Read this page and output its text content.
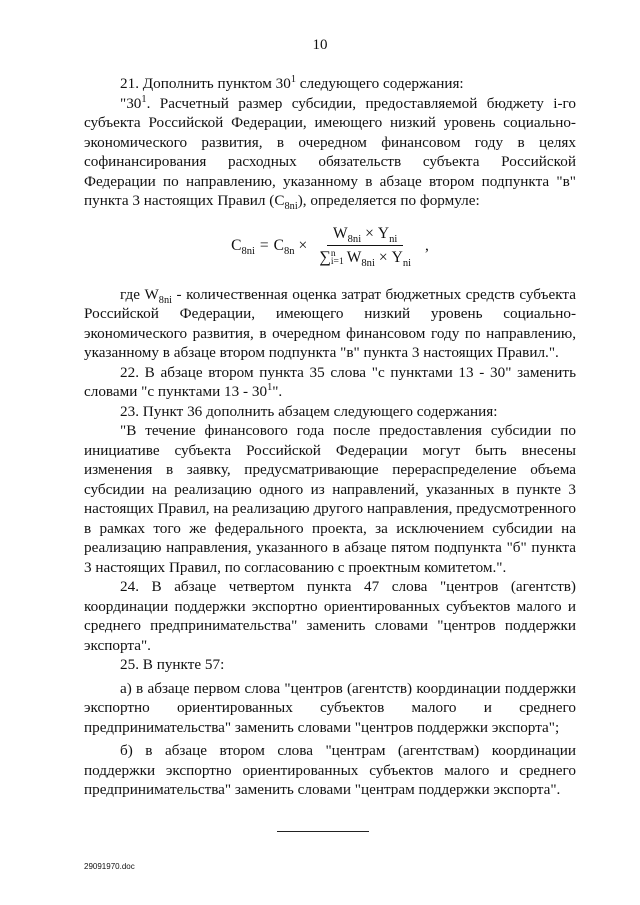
10

21. Дополнить пунктом $30^1$ следующего содержания:

"$30^1$. Расчетный размер субсидии, предоставляемой бюджету i-го субъекта Российской Федерации, имеющего низкий уровень социально-экономического развития, в очередном финансовом году в целях софинансирования расходных обязательств субъекта Российской Федерации по направлению, указанному в абзаце втором подпункта "в" пункта 3 настоящих Правил $(C_{8ni})$, определяется по формуле:

$C_{8ni} = C_{8n} \times W_{8ni} \times Y_{ni}$
∑ n
i=1 $W_{8ni} \times Y_{ni}$ ,

где $W_{8ni}$ - количественная оценка затрат бюджетных средств субъекта Российской Федерации, имеющего низкий уровень социально-экономического развития, в очередном финансовом году по направлению, указанному в абзаце втором подпункта "в" пункта 3 настоящих Правил.".

22. В абзаце втором пункта 35 слова "с пунктами 13 - 30" заменить словами "с пунктами $13 - 30^1$".

23. Пункт 36 дополнить абзацем следующего содержания:

"В течение финансового года после предоставления субсидии по инициативе субъекта Российской Федерации могут быть внесены изменения в заявку, предусматривающие перераспределение объема субсидии на реализацию одного из направлений, указанных в пункте 3 настоящих Правил, на реализацию другого направления, предусмотренного в рамках того же федерального проекта, за исключением субсидии на реализацию направления, указанного в абзаце пятом подпункта "б" пункта 3 настоящих Правил, по согласованию с проектным комитетом.".

24. В абзаце четвертом пункта 47 слова "центров (агентств) координации поддержки экспортно ориентированных субъектов малого и среднего предпринимательства" заменить словами "центров поддержки экспорта".

25. В пункте 57:

а) в абзаце первом слова "центров (агентств) координации поддержки экспортно ориентированных субъектов малого и среднего предпринимательства" заменить словами "центров поддержки экспорта";

б) в абзаце втором слова "центрам (агентствам) координации поддержки экспортно ориентированных субъектов малого и среднего предпринимательства" заменить словами "центрам поддержки экспорта".

29091970.doc
